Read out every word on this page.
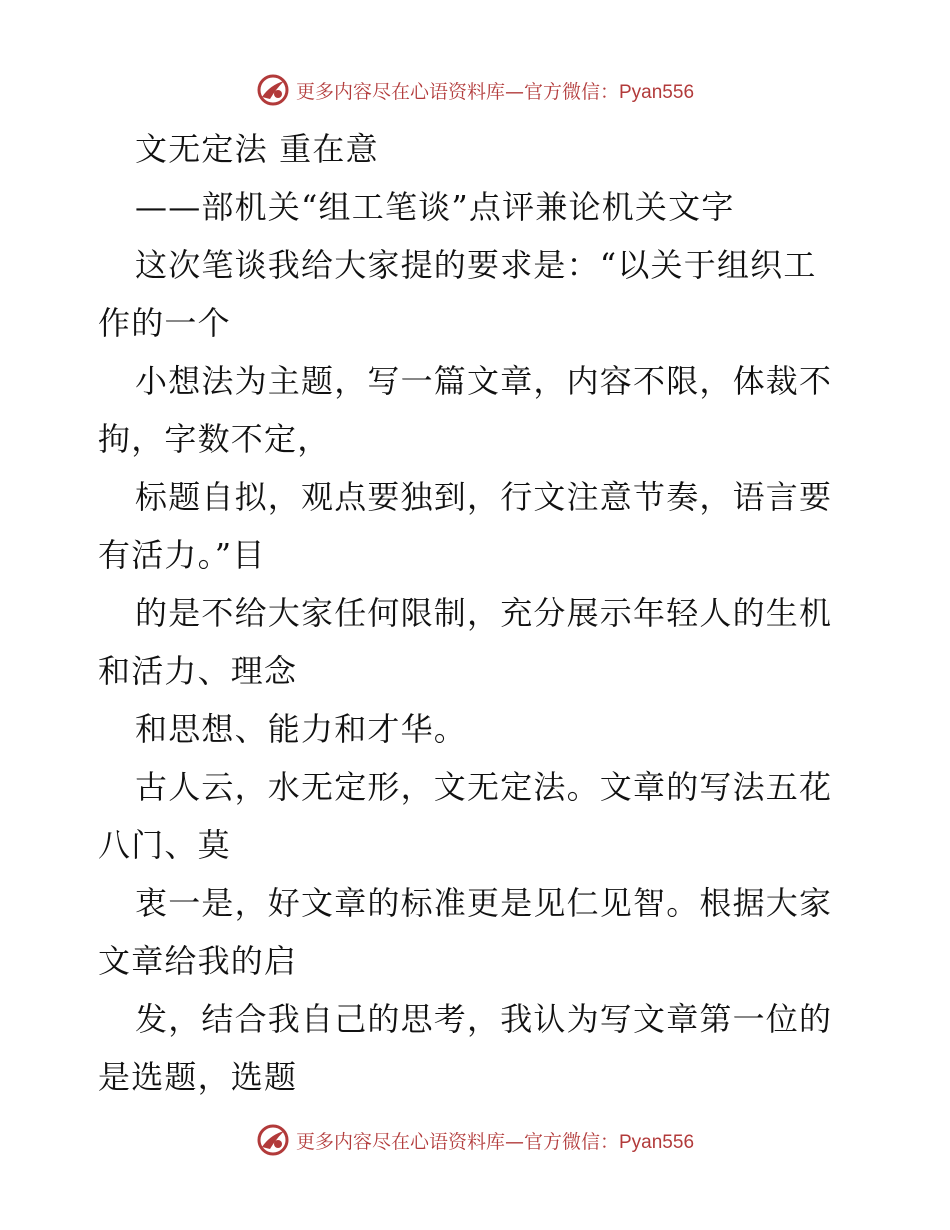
更多内容尽在心语资料库—官方微信：Pyan556
文无定法 重在意
——部机关“组工笔谈”点评兼论机关文字
这次笔谈我给大家提的要求是：“以关于组织工
作的一个
小想法为主题，写一篇文章，内容不限，体裁不
拘，字数不定，
标题自拟，观点要独到，行文注意节奏，语言要
有活力。”目
的是不给大家任何限制，充分展示年轻人的生机
和活力、理念
和思想、能力和才华。
古人云，水无定形，文无定法。文章的写法五花
八门、莫
衷一是，好文章的标准更是见仁见智。根据大家
文章给我的启
发，结合我自己的思考，我认为写文章第一位的
是选题，选题
更多内容尽在心语资料库—官方微信：Pyan556
